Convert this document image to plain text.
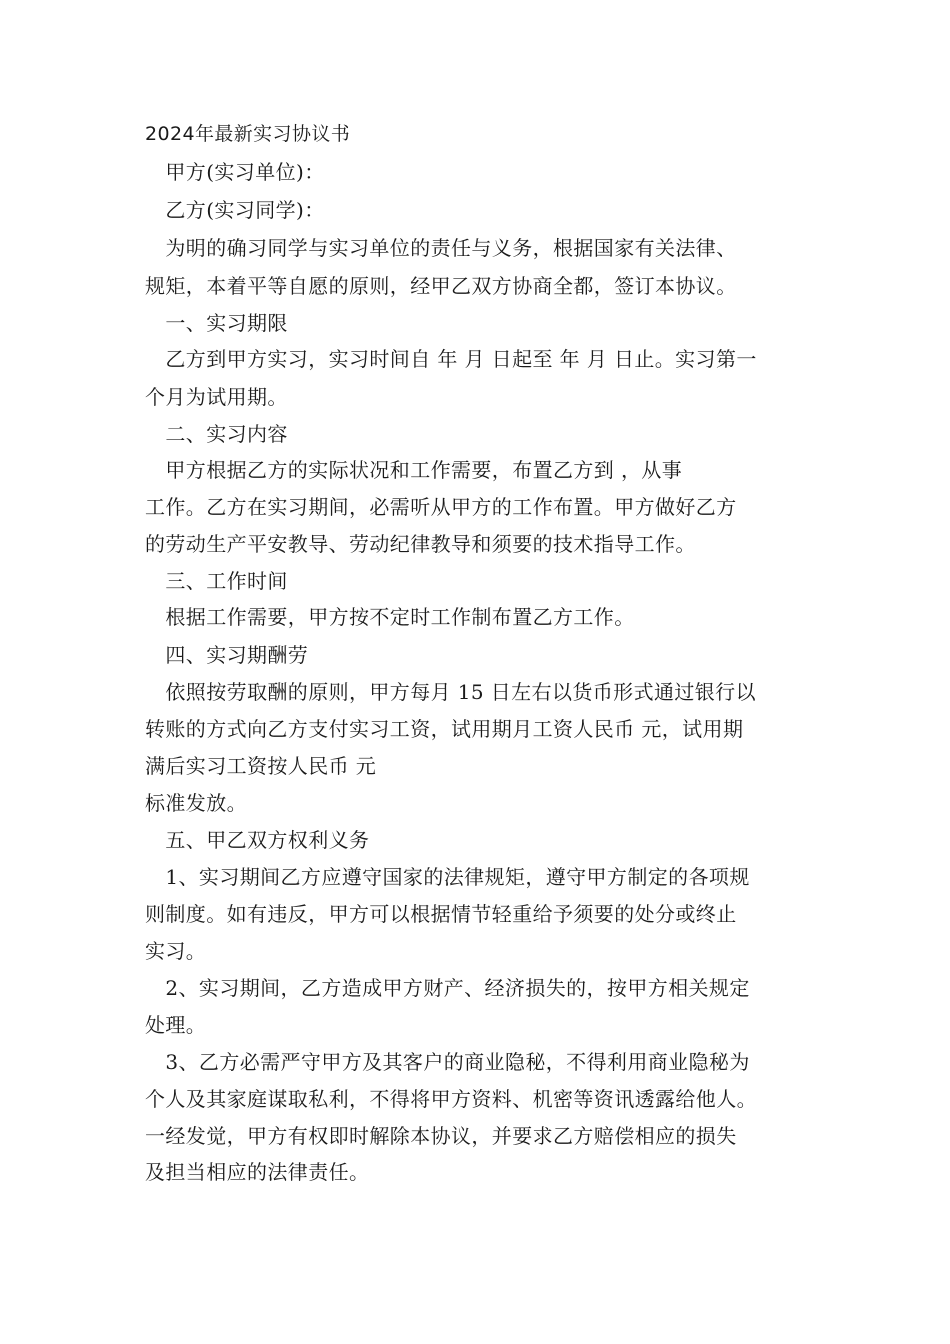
2024年最新实习协议书
　甲方(实习单位)：
　乙方(实习同学)：
　为明的确习同学与实习单位的责任与义务，根据国家有关法律、
规矩，本着平等自愿的原则，经甲乙双方协商全都，签订本协议。
　一、实习期限
　乙方到甲方实习，实习时间自 年 月 日起至 年 月 日止。实习第一
个月为试用期。
　二、实习内容
　甲方根据乙方的实际状况和工作需要，布置乙方到 ，从事
工作。乙方在实习期间，必需听从甲方的工作布置。甲方做好乙方
的劳动生产平安教导、劳动纪律教导和须要的技术指导工作。
　三、工作时间
　根据工作需要，甲方按不定时工作制布置乙方工作。
　四、实习期酬劳
　依照按劳取酬的原则，甲方每月 15 日左右以货币形式通过银行以
转账的方式向乙方支付实习工资，试用期月工资人民币 元，试用期
满后实习工资按人民币 元
标准发放。
　五、甲乙双方权利义务
　1、实习期间乙方应遵守国家的法律规矩，遵守甲方制定的各项规
则制度。如有违反，甲方可以根据情节轻重给予须要的处分或终止
实习。
　2、实习期间，乙方造成甲方财产、经济损失的，按甲方相关规定
处理。
　3、乙方必需严守甲方及其客户的商业隐秘，不得利用商业隐秘为
个人及其家庭谋取私利，不得将甲方资料、机密等资讯透露给他人。
一经发觉，甲方有权即时解除本协议，并要求乙方赔偿相应的损失
及担当相应的法律责任。
